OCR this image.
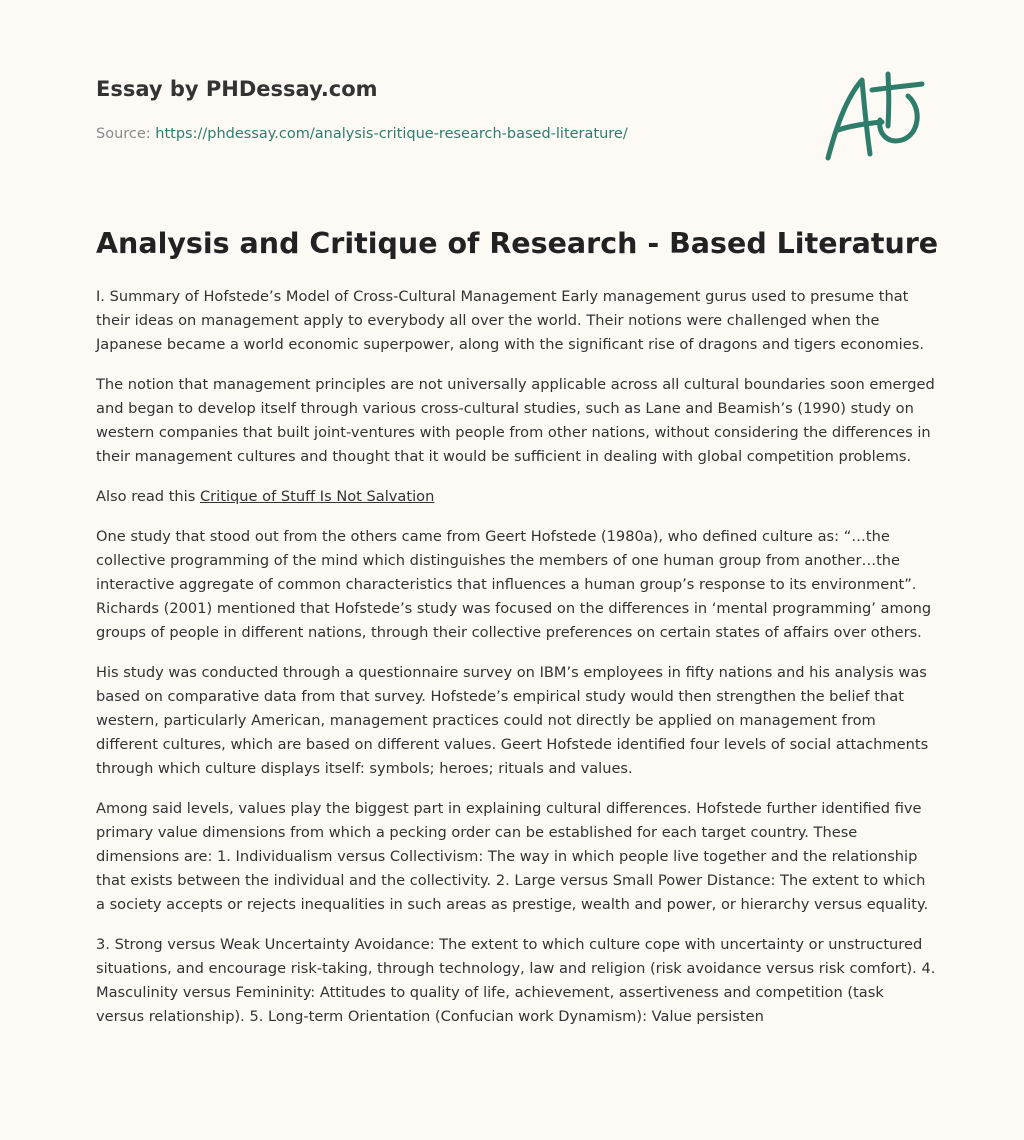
Essay by PHDessay.com

Source: https://phdessay.com/analysis-critique-research-based-literature/
Analysis and Critique of Research - Based Literature

I. Summary of Hofstede’s Model of Cross-Cultural Management Early management gurus used to presume that their ideas on management apply to everybody all over the world. Their notions were challenged when the Japanese became a world economic superpower, along with the significant rise of dragons and tigers economies.

The notion that management principles are not universally applicable across all cultural boundaries soon emerged and began to develop itself through various cross-cultural studies, such as Lane and Beamish’s (1990) study on western companies that built joint-ventures with people from other nations, without considering the differences in their management cultures and thought that it would be sufficient in dealing with global competition problems.

Also read this Critique of Stuff Is Not Salvation

One study that stood out from the others came from Geert Hofstede (1980a), who defined culture as: “…the collective programming of the mind which distinguishes the members of one human group from another…the interactive aggregate of common characteristics that influences a human group’s response to its environment”. Richards (2001) mentioned that Hofstede’s study was focused on the differences in ‘mental programming’ among groups of people in different nations, through their collective preferences on certain states of affairs over others.

His study was conducted through a questionnaire survey on IBM’s employees in fifty nations and his analysis was based on comparative data from that survey. Hofstede’s empirical study would then strengthen the belief that western, particularly American, management practices could not directly be applied on management from different cultures, which are based on different values. Geert Hofstede identified four levels of social attachments through which culture displays itself: symbols; heroes; rituals and values.

Among said levels, values play the biggest part in explaining cultural differences. Hofstede further identified five primary value dimensions from which a pecking order can be established for each target country. These dimensions are: 1. Individualism versus Collectivism: The way in which people live together and the relationship that exists between the individual and the collectivity. 2. Large versus Small Power Distance: The extent to which a society accepts or rejects inequalities in such areas as prestige, wealth and power, or hierarchy versus equality.

3. Strong versus Weak Uncertainty Avoidance: The extent to which culture cope with uncertainty or unstructured situations, and encourage risk-taking, through technology, law and religion (risk avoidance versus risk comfort). 4. Masculinity versus Femininity: Attitudes to quality of life, achievement, assertiveness and competition (task versus relationship). 5. Long-term Orientation (Confucian work Dynamism): Value persisten
